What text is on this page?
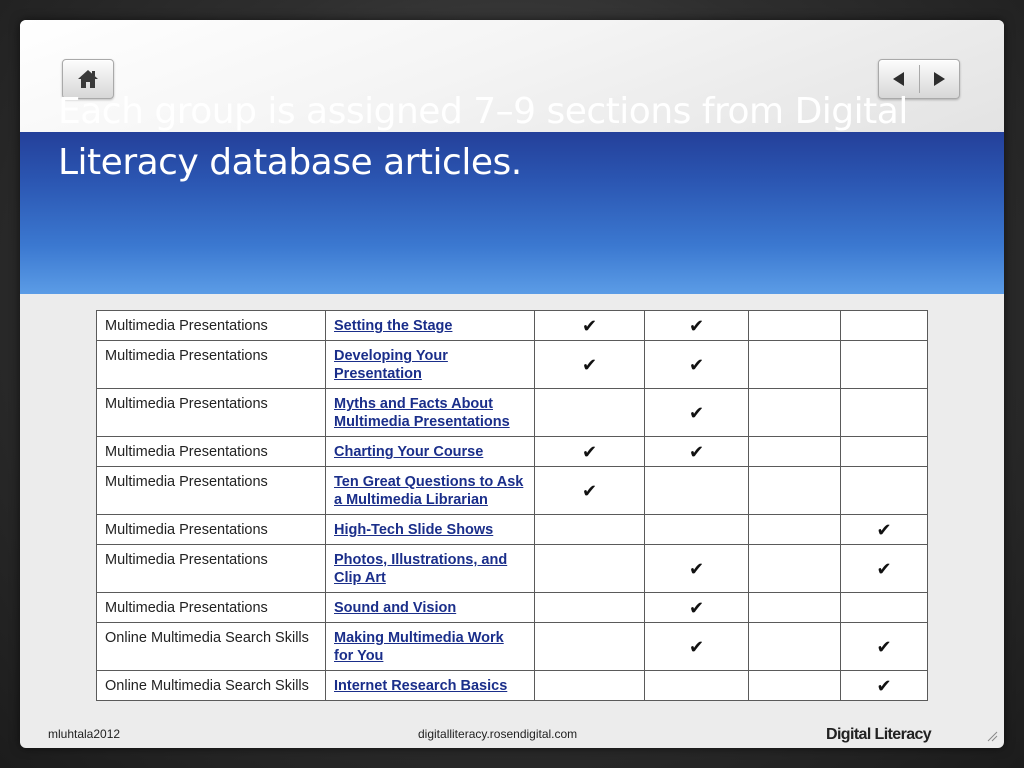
Each group is assigned 7–9 sections from Digital
Literacy database articles.
Multimedia Presentations	Setting the Stage	✔	✔		
Multimedia Presentations	Developing Your Presentation	✔	✔		
Multimedia Presentations	Myths and Facts About Multimedia Presentations		✔		
Multimedia Presentations	Charting Your Course	✔	✔		
Multimedia Presentations	Ten Great Questions to Ask a Multimedia Librarian	✔			
Multimedia Presentations	High-Tech Slide Shows				✔
Multimedia Presentations	Photos, Illustrations, and Clip Art		✔		✔
Multimedia Presentations	Sound and Vision		✔		
Online Multimedia Search Skills	Making Multimedia Work for You		✔		✔
Online Multimedia Search Skills	Internet Research Basics				✔
mluhtala2012	digitalliteracy.rosendigital.com	Digital Literacy
